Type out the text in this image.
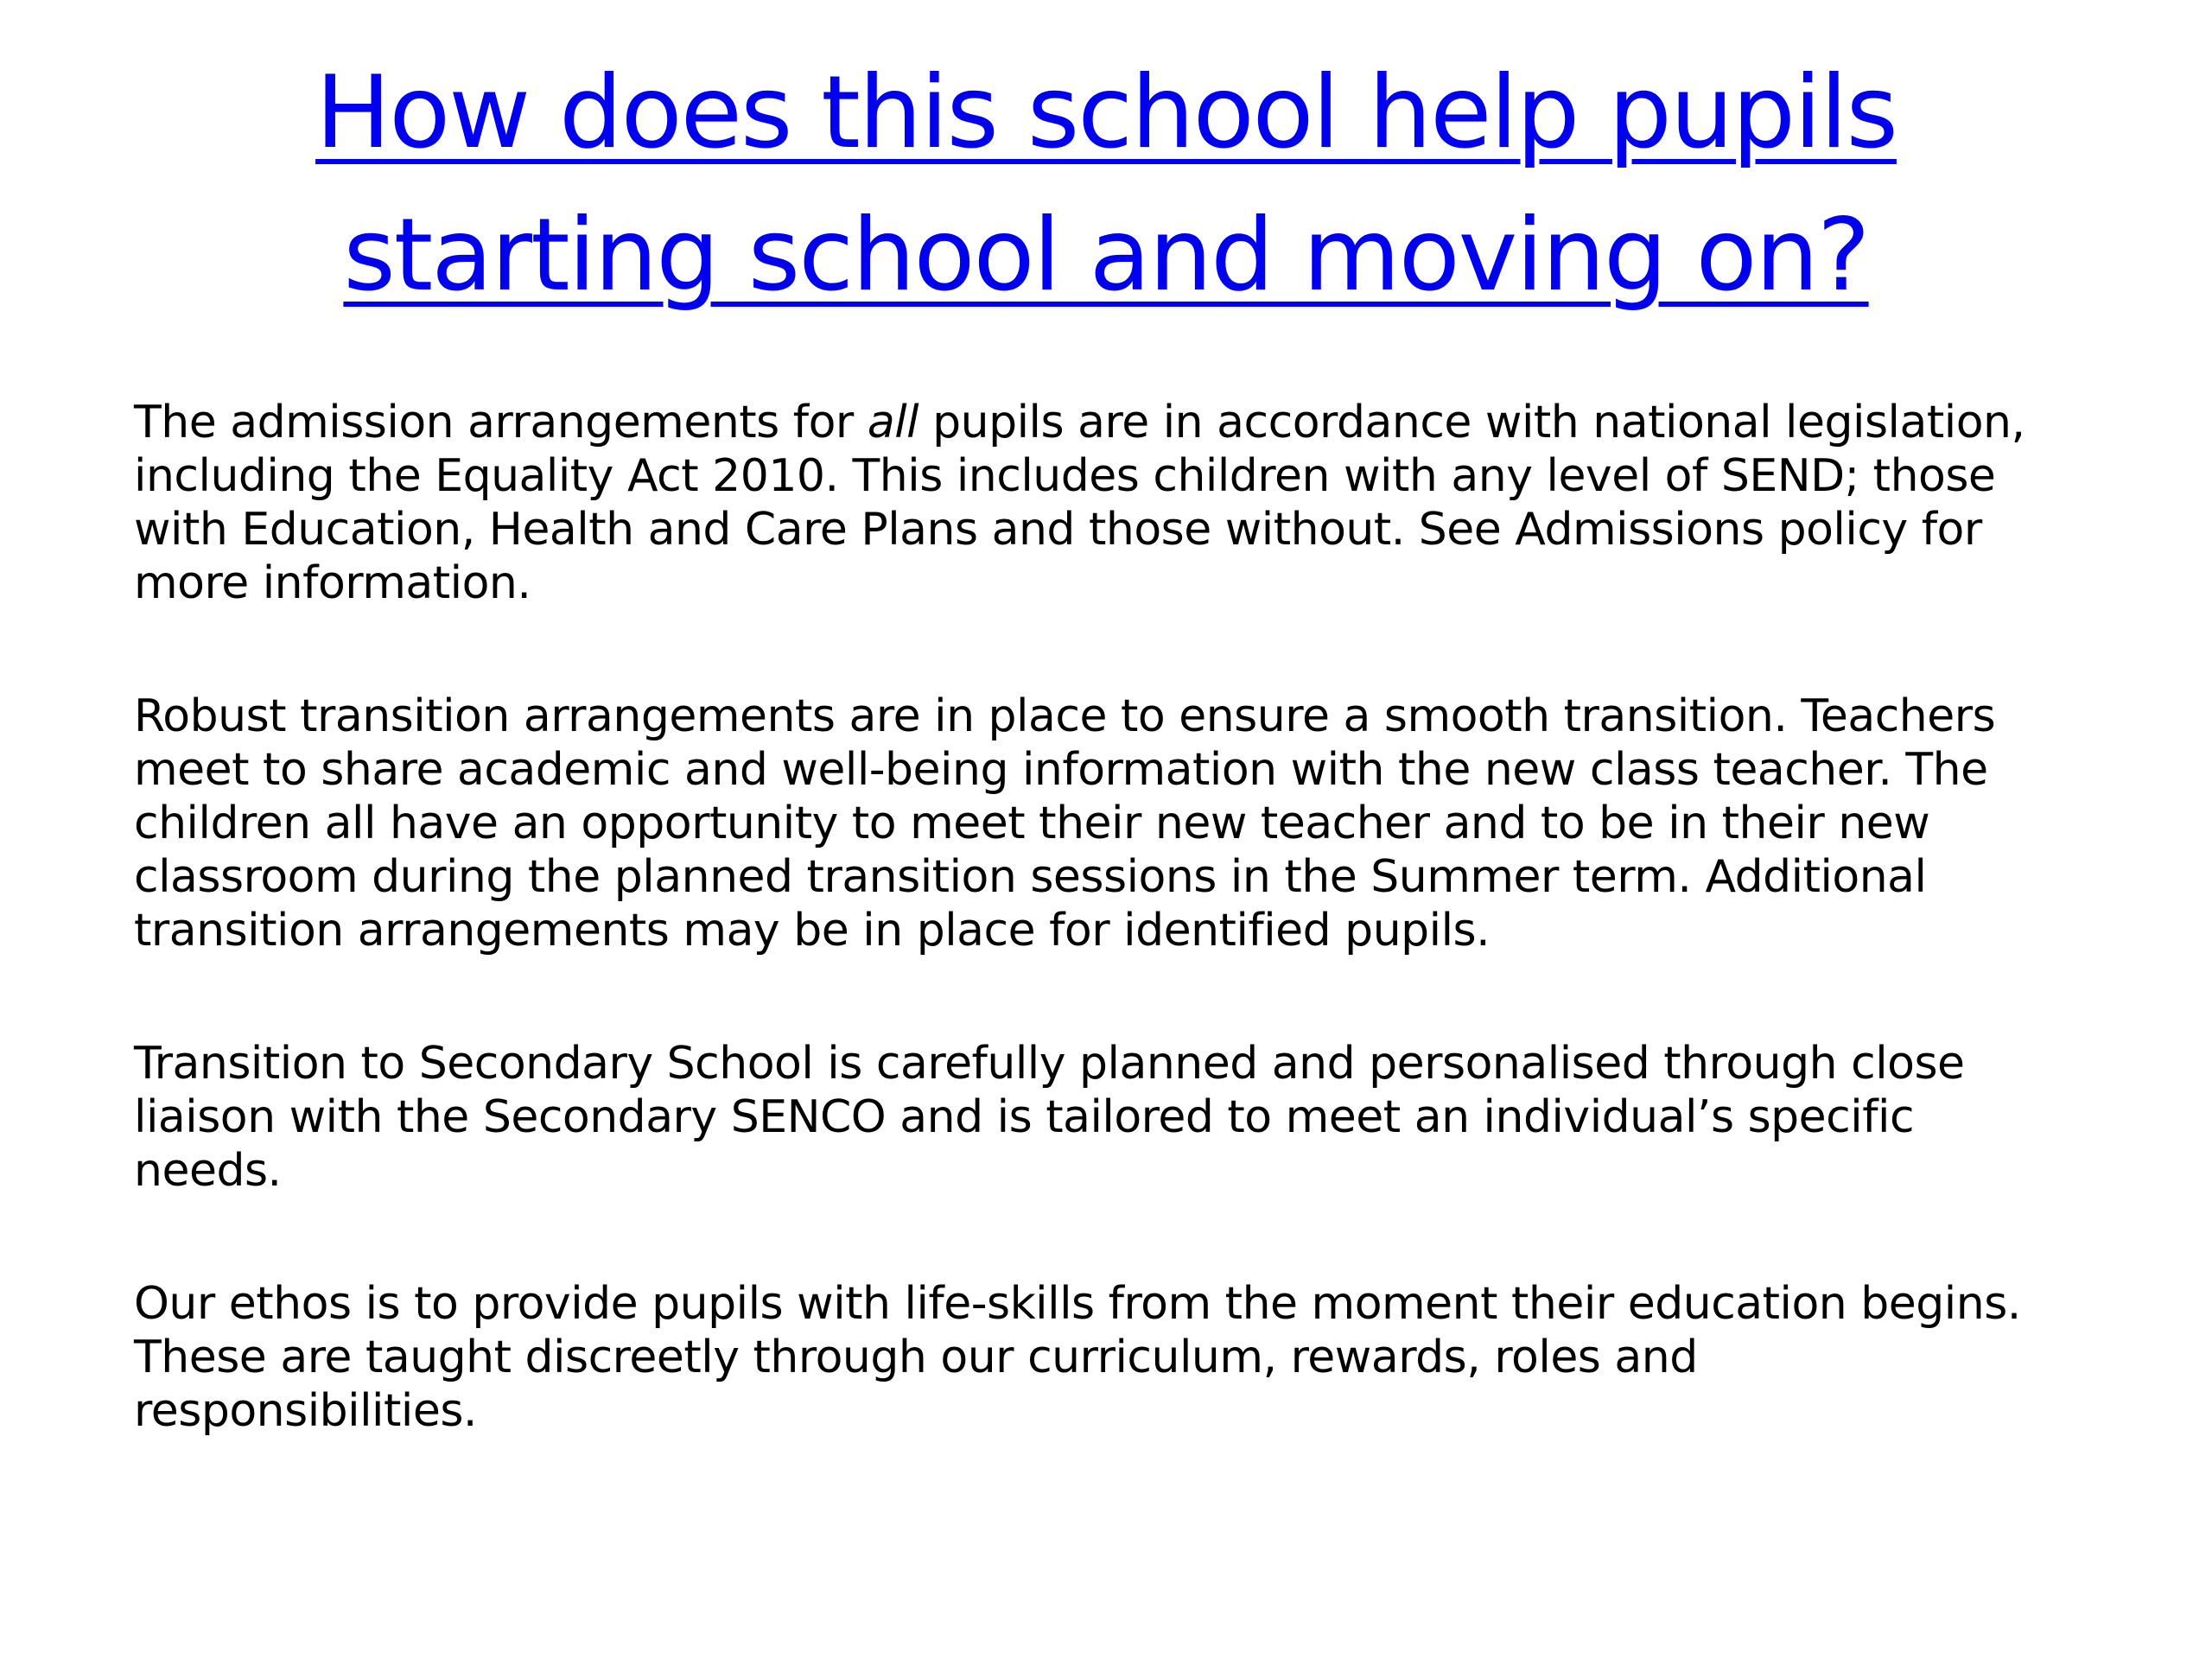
How does this school help pupils
starting school and moving on?

The admission arrangements for all pupils are in accordance with national legislation,
including the Equality Act 2010. This includes children with any level of SEND; those
with Education, Health and Care Plans and those without. See Admissions policy for
more information.

Robust transition arrangements are in place to ensure a smooth transition. Teachers
meet to share academic and well-being information with the new class teacher. The
children all have an opportunity to meet their new teacher and to be in their new
classroom during the planned transition sessions in the Summer term. Additional
transition arrangements may be in place for identified pupils.

Transition to Secondary School is carefully planned and personalised through close
liaison with the Secondary SENCO and is tailored to meet an individual’s specific
needs.

Our ethos is to provide pupils with life-skills from the moment their education begins.
These are taught discreetly through our curriculum, rewards, roles and
responsibilities.
